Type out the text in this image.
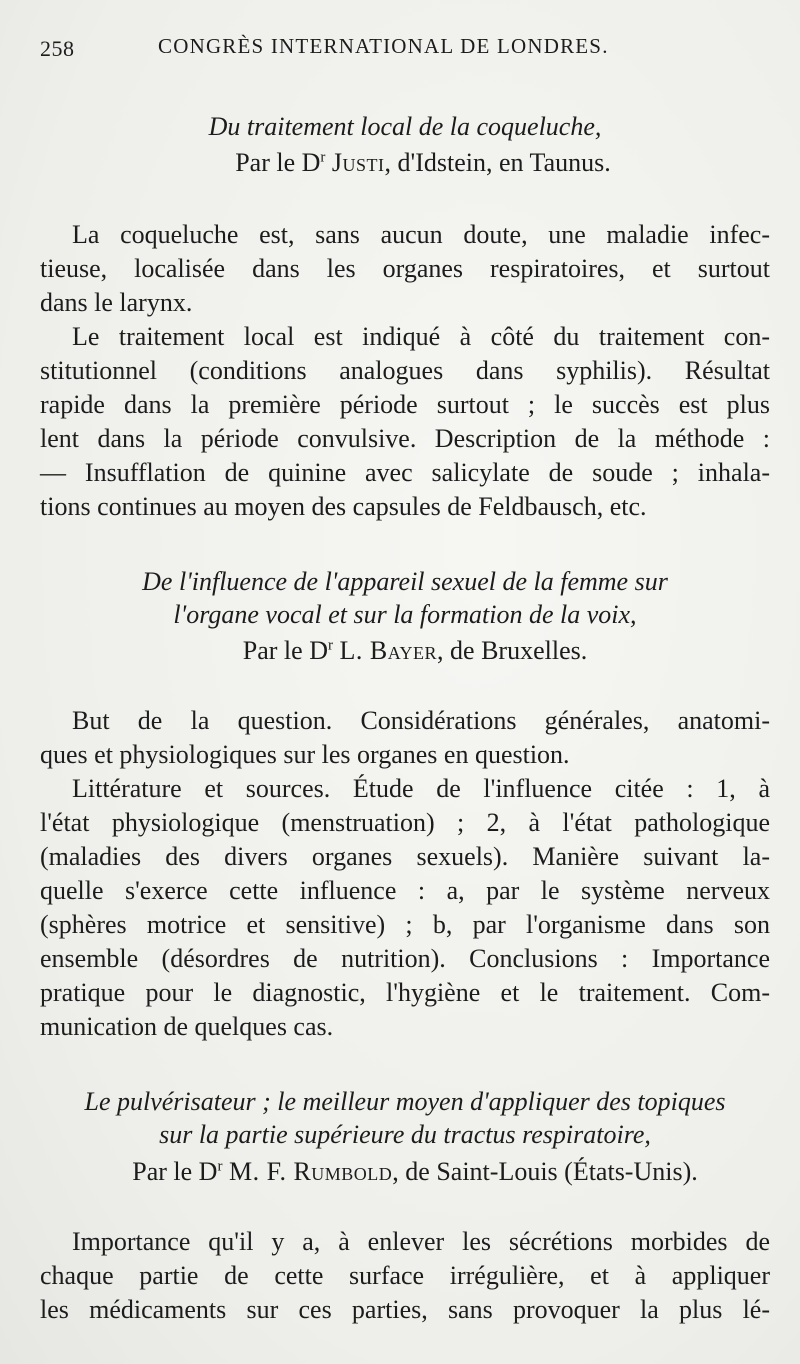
258	CONGRÈS INTERNATIONAL DE LONDRES.
Du traitement local de la coqueluche,
Par le $D^r$ Justi, d'Idstein, en Taunus.
La coqueluche est, sans aucun doute, une maladie infec-
tieuse, localisée dans les organes respiratoires, et surtout
dans le larynx.
Le traitement local est indiqué à côté du traitement con-
stitutionnel (conditions analogues dans syphilis). Résultat
rapide dans la première période surtout ; le succès est plus
lent dans la période convulsive. Description de la méthode :
— Insufflation de quinine avec salicylate de soude ; inhala-
tions continues au moyen des capsules de Feldbausch, etc.
De l'influence de l'appareil sexuel de la femme sur
l'organe vocal et sur la formation de la voix,
Par le $D^r$ L. Bayer, de Bruxelles.
But de la question. Considérations générales, anatomi-
ques et physiologiques sur les organes en question.
Littérature et sources. Étude de l'influence citée : 1, à
l'état physiologique (menstruation) ; 2, à l'état pathologique
(maladies des divers organes sexuels). Manière suivant la-
quelle s'exerce cette influence : a, par le système nerveux
(sphères motrice et sensitive) ; b, par l'organisme dans son
ensemble (désordres de nutrition). Conclusions : Importance
pratique pour le diagnostic, l'hygiène et le traitement. Com-
munication de quelques cas.
Le pulvérisateur ; le meilleur moyen d'appliquer des topiques
sur la partie supérieure du tractus respiratoire,
Par le $D^r$ M. F. Rumbold, de Saint-Louis (États-Unis).
Importance qu'il y a, à enlever les sécrétions morbides de
chaque partie de cette surface irrégulière, et à appliquer
les médicaments sur ces parties, sans provoquer la plus lé-
